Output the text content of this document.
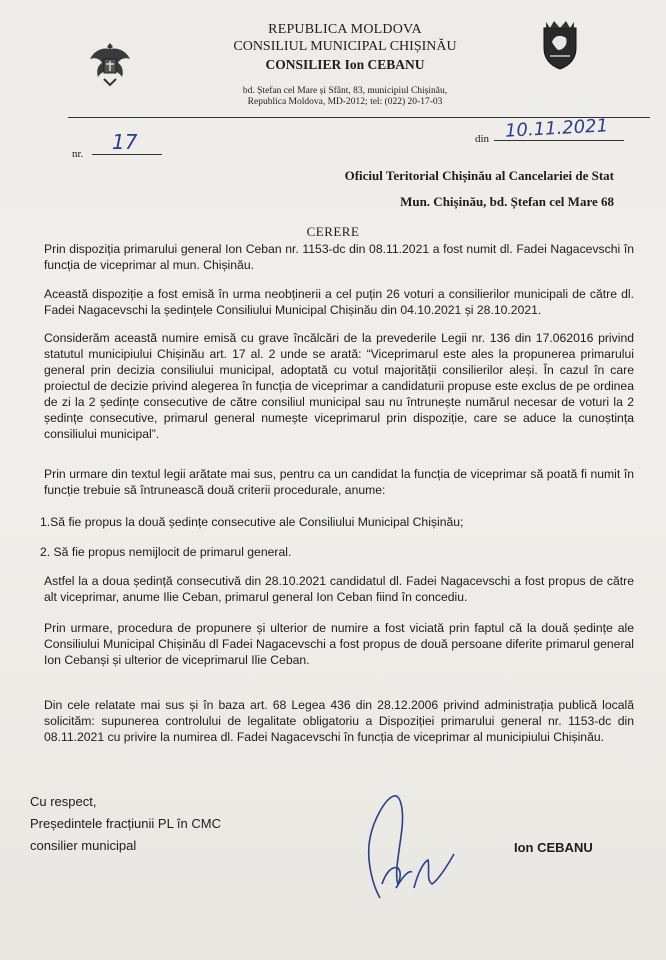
REPUBLICA MOLDOVA
CONSILIUL MUNICIPAL CHIȘINĂU
CONSILIER Ion CEBANU
bd. Ștefan cel Mare și Sfânt, 83, municipiul Chișinău,
Republica Moldova, MD-2012; tel: (022) 20-17-03
nr. 17	din 10.11.2021
Oficiul Teritorial Chișinău al Cancelariei de Stat
Mun. Chișinău, bd. Ștefan cel Mare 68
CERERE
Prin dispoziția primarului general Ion Ceban nr. 1153-dc din 08.11.2021 a fost numit dl. Fadei Nagacevschi în funcția de viceprimar al mun. Chișinău.
Această dispoziție a fost emisă în urma neobținerii a cel puțin 26 voturi a consilierilor municipali de către dl. Fadei Nagacevschi la ședințele Consiliului Municipal Chișinău din 04.10.2021 și 28.10.2021.
Considerăm această numire emisă cu grave încălcări de la prevederile Legii nr. 136 din 17.062016 privind statutul municipiului Chișinău art. 17 al. 2 unde se arată: “Viceprimarul este ales la propunerea primarului general prin decizia consiliului municipal, adoptată cu votul majorității consilierilor aleși. În cazul în care proiectul de decizie privind alegerea în funcția de viceprimar a candidaturii propuse este exclus de pe ordinea de zi la 2 ședințe consecutive de către consiliul municipal sau nu întrunește numărul necesar de voturi la 2 ședințe consecutive, primarul general numește viceprimarul prin dispoziție, care se aduce la cunoștința consiliului municipal”.
Prin urmare din textul legii arătate mai sus, pentru ca un candidat la funcția de viceprimar să poată fi numit în funcție trebuie să întrunească două criterii procedurale, anume:
1.Să fie propus la două ședințe consecutive ale Consiliului Municipal Chișinău;
2. Să fie propus nemijlocit de primarul general.
Astfel la a doua ședință consecutivă din 28.10.2021 candidatul dl. Fadei Nagacevschi a fost propus de către alt viceprimar, anume Ilie Ceban, primarul general Ion Ceban fiind în concediu.
Prin urmare, procedura de propunere și ulterior de numire a fost viciată prin faptul că la două ședințe ale Consiliului Municipal Chișinău dl Fadei Nagacevschi a fost propus de două persoane diferite primarul general Ion Cebanși și ulterior de viceprimarul Ilie Ceban.
Din cele relatate mai sus și în baza art. 68 Legea 436 din 28.12.2006 privind administrația publică locală solicităm: supunerea controlului de legalitate obligatoriu a Dispoziției primarului general nr. 1153-dc din 08.11.2021 cu privire la numirea dl. Fadei Nagacevschi în funcția de viceprimar al municipiului Chișinău.
Cu respect,
Președintele fracțiunii PL în CMC
consilier municipal	Ion CEBANU
